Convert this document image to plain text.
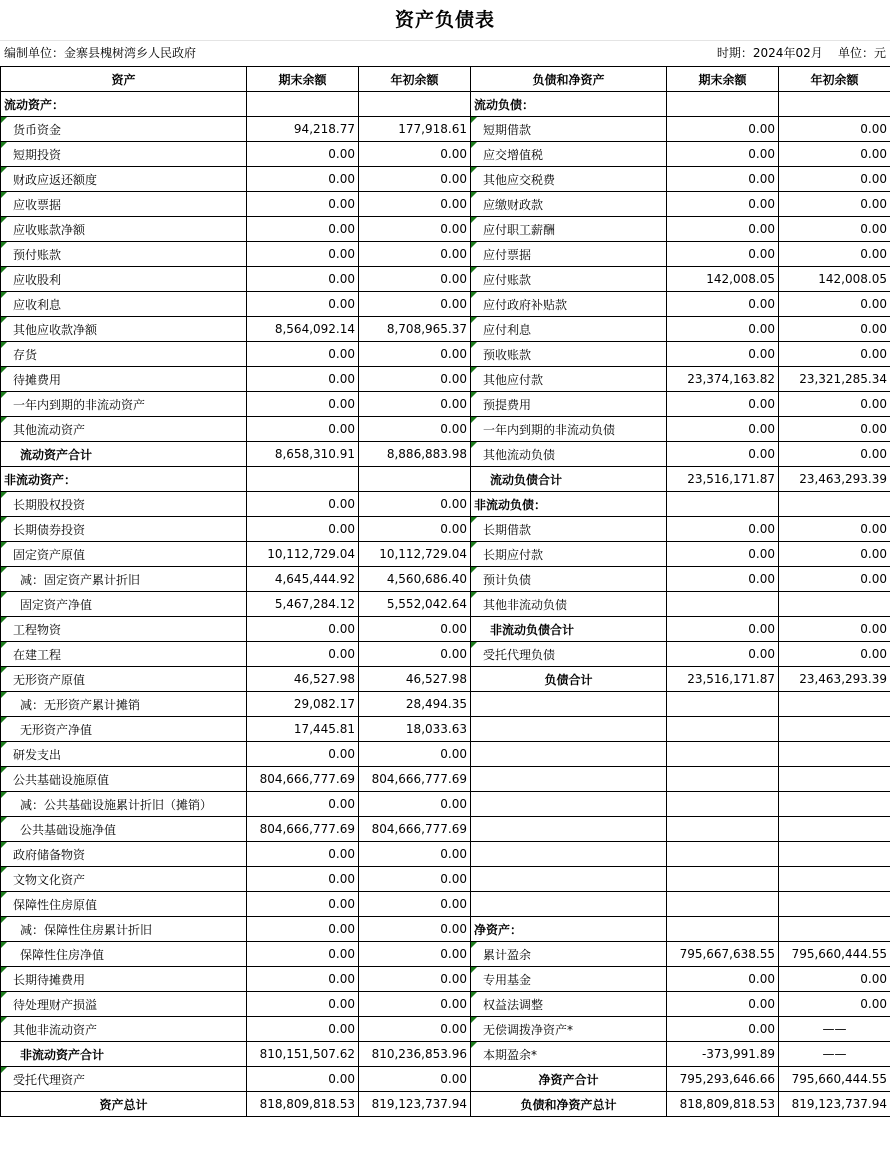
资产负债表
编制单位：金寨县槐树湾乡人民政府	时期：2024年02月 单位：元
资产	期末余额	年初余额	负债和净资产	期末余额	年初余额
流动资产：			流动负债：		
货币资金	94,218.77	177,918.61	短期借款	0.00	0.00
短期投资	0.00	0.00	应交增值税	0.00	0.00
财政应返还额度	0.00	0.00	其他应交税费	0.00	0.00
应收票据	0.00	0.00	应缴财政款	0.00	0.00
应收账款净额	0.00	0.00	应付职工薪酬	0.00	0.00
预付账款	0.00	0.00	应付票据	0.00	0.00
应收股利	0.00	0.00	应付账款	142,008.05	142,008.05
应收利息	0.00	0.00	应付政府补贴款	0.00	0.00
其他应收款净额	8,564,092.14	8,708,965.37	应付利息	0.00	0.00
存货	0.00	0.00	预收账款	0.00	0.00
待摊费用	0.00	0.00	其他应付款	23,374,163.82	23,321,285.34
一年内到期的非流动资产	0.00	0.00	预提费用	0.00	0.00
其他流动资产	0.00	0.00	一年内到期的非流动负债	0.00	0.00
流动资产合计	8,658,310.91	8,886,883.98	其他流动负债	0.00	0.00
非流动资产：			流动负债合计	23,516,171.87	23,463,293.39
长期股权投资	0.00	0.00	非流动负债：		
长期债券投资	0.00	0.00	长期借款	0.00	0.00
固定资产原值	10,112,729.04	10,112,729.04	长期应付款	0.00	0.00
减：固定资产累计折旧	4,645,444.92	4,560,686.40	预计负债	0.00	0.00
固定资产净值	5,467,284.12	5,552,042.64	其他非流动负债		
工程物资	0.00	0.00	非流动负债合计	0.00	0.00
在建工程	0.00	0.00	受托代理负债	0.00	0.00
无形资产原值	46,527.98	46,527.98	负债合计	23,516,171.87	23,463,293.39
减：无形资产累计摊销	29,082.17	28,494.35			
无形资产净值	17,445.81	18,033.63			
研发支出	0.00	0.00			
公共基础设施原值	804,666,777.69	804,666,777.69			
减：公共基础设施累计折旧（摊销）	0.00	0.00			
公共基础设施净值	804,666,777.69	804,666,777.69			
政府储备物资	0.00	0.00			
文物文化资产	0.00	0.00			
保障性住房原值	0.00	0.00			
减：保障性住房累计折旧	0.00	0.00	净资产：		
保障性住房净值	0.00	0.00	累计盈余	795,667,638.55	795,660,444.55
长期待摊费用	0.00	0.00	专用基金	0.00	0.00
待处理财产损溢	0.00	0.00	权益法调整	0.00	0.00
其他非流动资产	0.00	0.00	无偿调拨净资产*	0.00	——
非流动资产合计	810,151,507.62	810,236,853.96	本期盈余*	-373,991.89	——
受托代理资产	0.00	0.00	净资产合计	795,293,646.66	795,660,444.55
资产总计	818,809,818.53	819,123,737.94	负债和净资产总计	818,809,818.53	819,123,737.94
